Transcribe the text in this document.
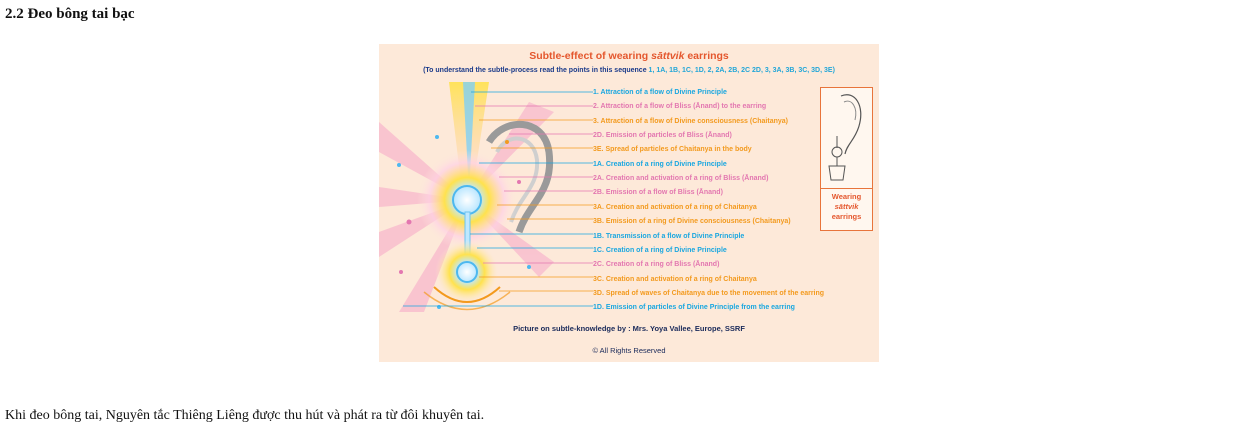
2.2 Đeo bông tai bạc
Subtle-effect of wearing sāttvik earrings
(To understand the subtle-process read the points in this sequence 1, 1A, 1B, 1C, 1D, 2, 2A, 2B, 2C 2D, 3, 3A, 3B, 3C, 3D, 3E)
1. Attraction of a flow of Divine Principle
2. Attraction of a flow of Bliss (Ānand) to the earring
3. Attraction of a flow of Divine consciousness (Chaitanya)
2D. Emission of particles of Bliss (Ānand)
3E. Spread of particles of Chaitanya in the body
1A. Creation of a ring of Divine Principle
2A. Creation and activation of a ring of Bliss (Ānand)
2B. Emission of a flow of Bliss (Ānand)
3A. Creation and activation of a ring of Chaitanya
3B. Emission of a ring of Divine consciousness (Chaitanya)
1B. Transmission of a flow of Divine Principle
1C. Creation of a ring of Divine Principle
2C. Creation of a ring of Bliss (Ānand)
3C. Creation and activation of a ring of Chaitanya
3D. Spread of waves of Chaitanya due to the movement of the earring
1D. Emission of particles of Divine Principle from the earring
Wearing
sāttvik
earrings
Picture on subtle-knowledge by : Mrs. Yoya Vallee, Europe, SSRF
© All Rights Reserved

Khi đeo bông tai, Nguyên tắc Thiêng Liêng được thu hút và phát ra từ đôi khuyên tai.
